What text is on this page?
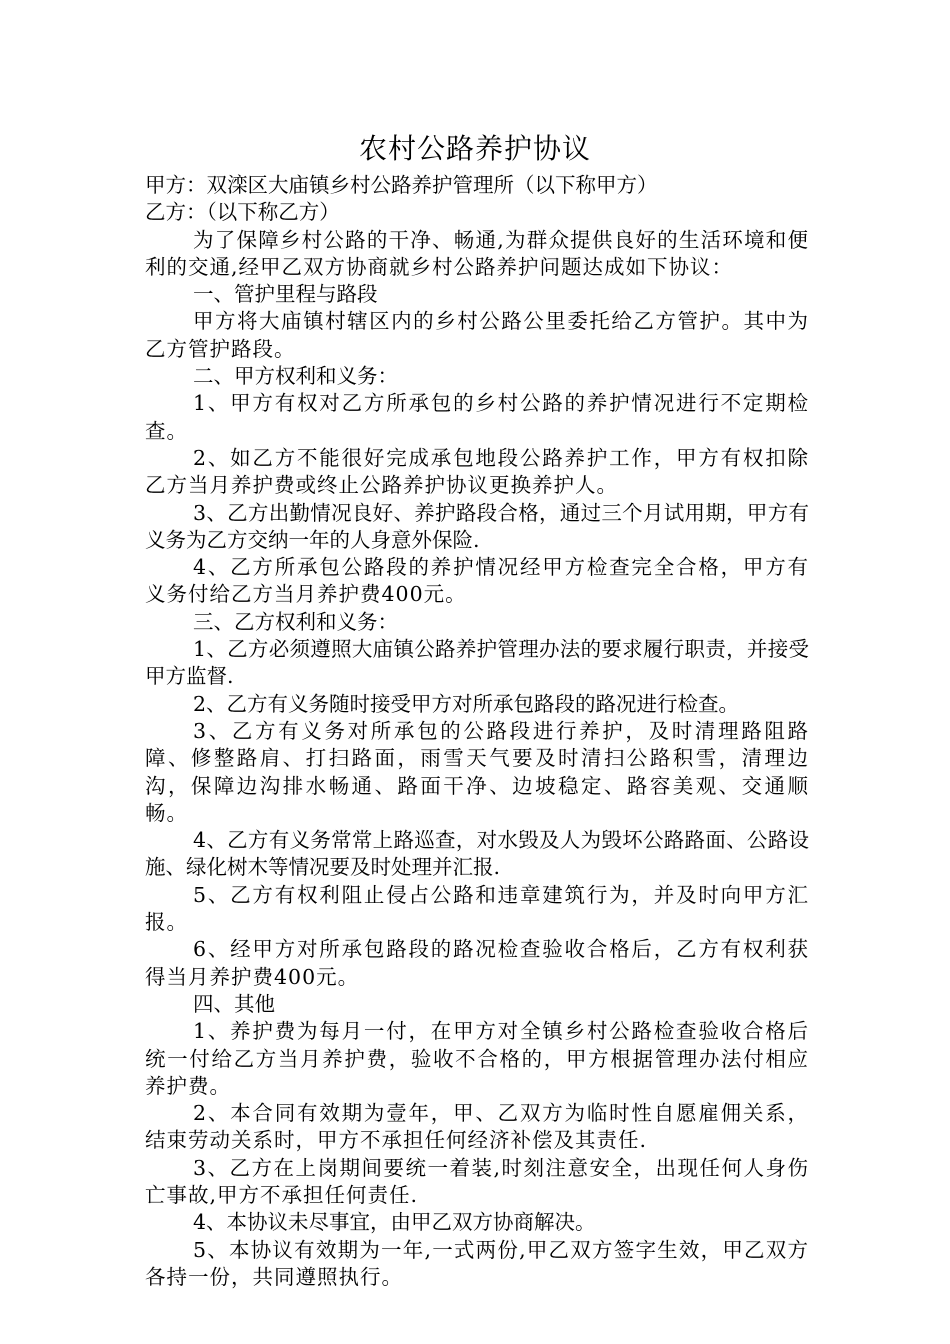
农村公路养护协议

甲方：双滦区大庙镇乡村公路养护管理所（以下称甲方）

乙方：（以下称乙方）

为了保障乡村公路的干净、畅通,为群众提供良好的生活环境和便利的交通,经甲乙双方协商就乡村公路养护问题达成如下协议：

一、管护里程与路段

甲方将大庙镇村辖区内的乡村公路公里委托给乙方管护。其中为乙方管护路段。

二、甲方权利和义务：

1、甲方有权对乙方所承包的乡村公路的养护情况进行不定期检查。

2、如乙方不能很好完成承包地段公路养护工作，甲方有权扣除乙方当月养护费或终止公路养护协议更换养护人。

3、乙方出勤情况良好、养护路段合格，通过三个月试用期，甲方有义务为乙方交纳一年的人身意外保险.

4、乙方所承包公路段的养护情况经甲方检查完全合格，甲方有义务付给乙方当月养护费400元。

三、乙方权利和义务：

1、乙方必须遵照大庙镇公路养护管理办法的要求履行职责，并接受甲方监督.

2、乙方有义务随时接受甲方对所承包路段的路况进行检查。

3、乙方有义务对所承包的公路段进行养护，及时清理路阻路障、修整路肩、打扫路面，雨雪天气要及时清扫公路积雪，清理边沟，保障边沟排水畅通、路面干净、边坡稳定、路容美观、交通顺畅。

4、乙方有义务常常上路巡查，对水毁及人为毁坏公路路面、公路设施、绿化树木等情况要及时处理并汇报.

5、乙方有权利阻止侵占公路和违章建筑行为，并及时向甲方汇报。

6、经甲方对所承包路段的路况检查验收合格后，乙方有权利获得当月养护费400元。

四、其他

1、养护费为每月一付，在甲方对全镇乡村公路检查验收合格后统一付给乙方当月养护费，验收不合格的，甲方根据管理办法付相应养护费。

2、本合同有效期为壹年，甲、乙双方为临时性自愿雇佣关系，结束劳动关系时，甲方不承担任何经济补偿及其责任.

3、乙方在上岗期间要统一着装,时刻注意安全，出现任何人身伤亡事故,甲方不承担任何责任.

4、本协议未尽事宜，由甲乙双方协商解决。

5、本协议有效期为一年,一式两份,甲乙双方签字生效，甲乙双方各持一份，共同遵照执行。
